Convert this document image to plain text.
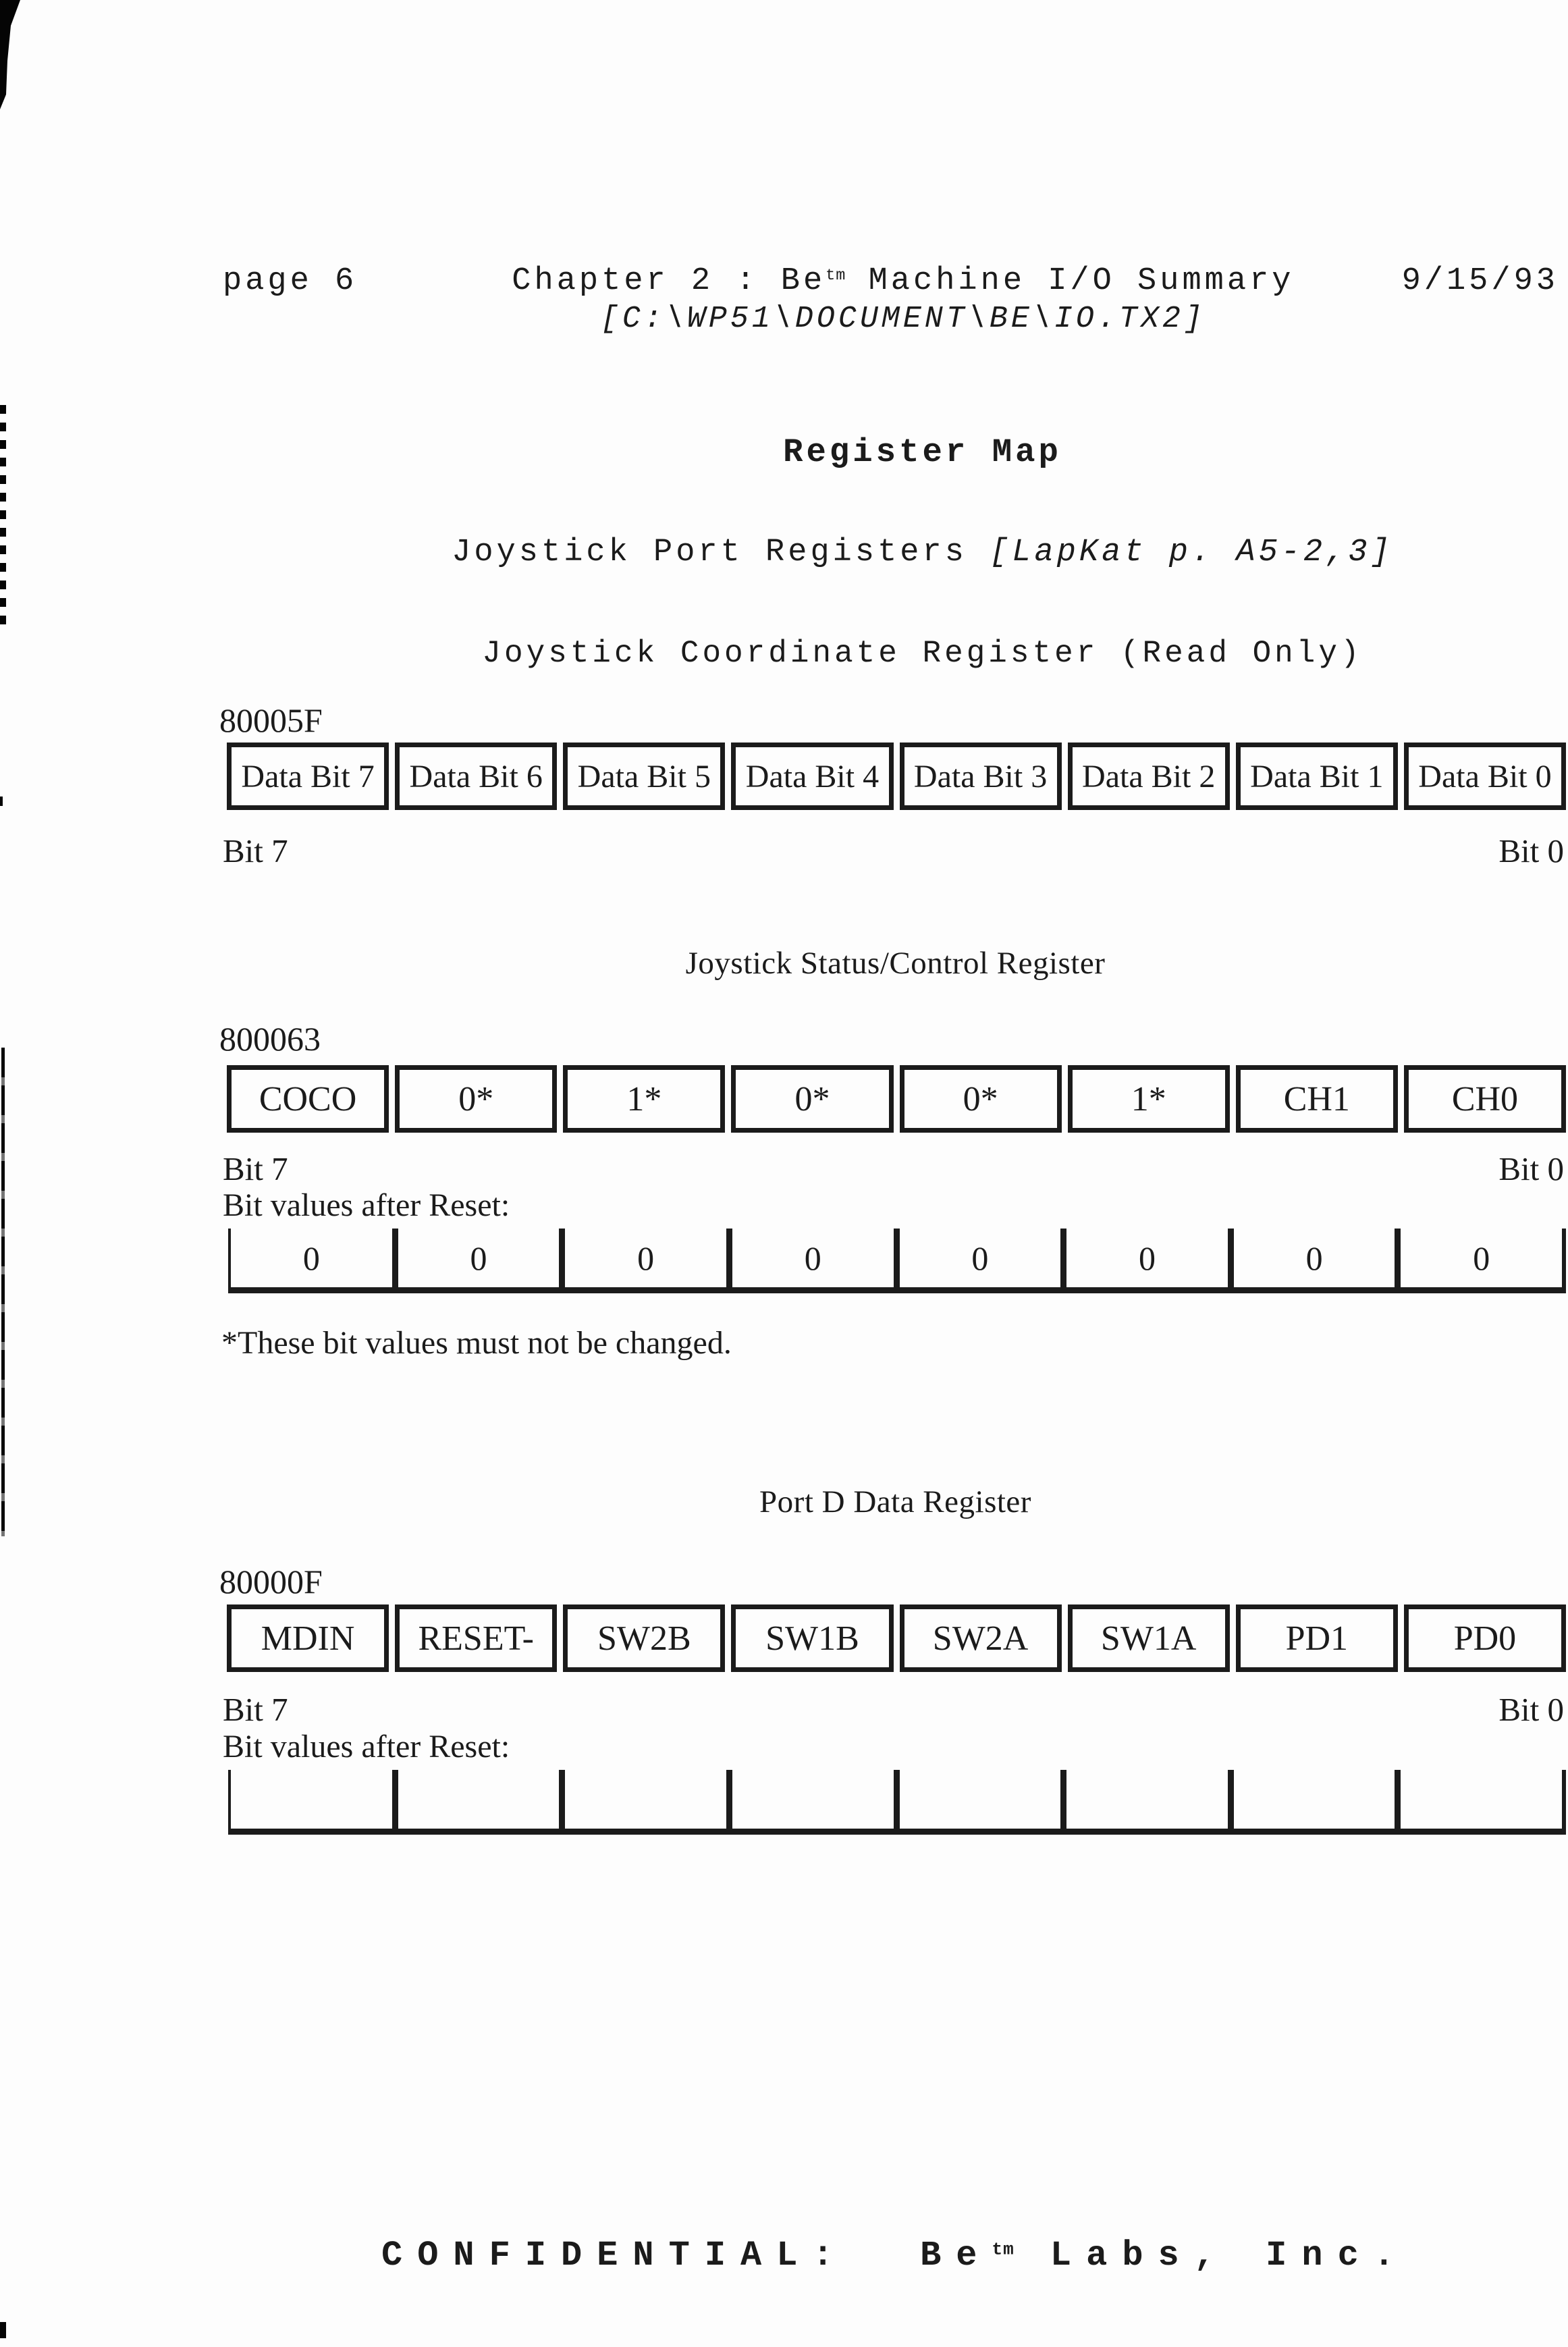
page 6	Chapter 2 : $Be^{tm}$ Machine I/O Summary
[C:\WP51\DOCUMENT\BE\IO.TX2]
9/15/93
Register Map
Joystick Port Registers [LapKat p. A5-2,3]
Joystick Coordinate Register (Read Only)
80005F
Data Bit 7	Data Bit 6	Data Bit 5	Data Bit 4	Data Bit 3	Data Bit 2	Data Bit 1	Data Bit 0
Bit 7	Bit 0
Joystick Status/Control Register
800063
COCO	0*	1*	0*	0*	1*	CH1	CH0
Bit 7	Bit 0
Bit values after Reset:
0	0	0	0	0	0	0	0
*These bit values must not be changed.
Port D Data Register
80000F
MDIN	RESET-	SW2B	SW1B	SW2A	SW1A	PD1	PD0
Bit 7	Bit 0
Bit values after Reset:
CONFIDENTIAL:  $Be^{tm}$ Labs, Inc.
